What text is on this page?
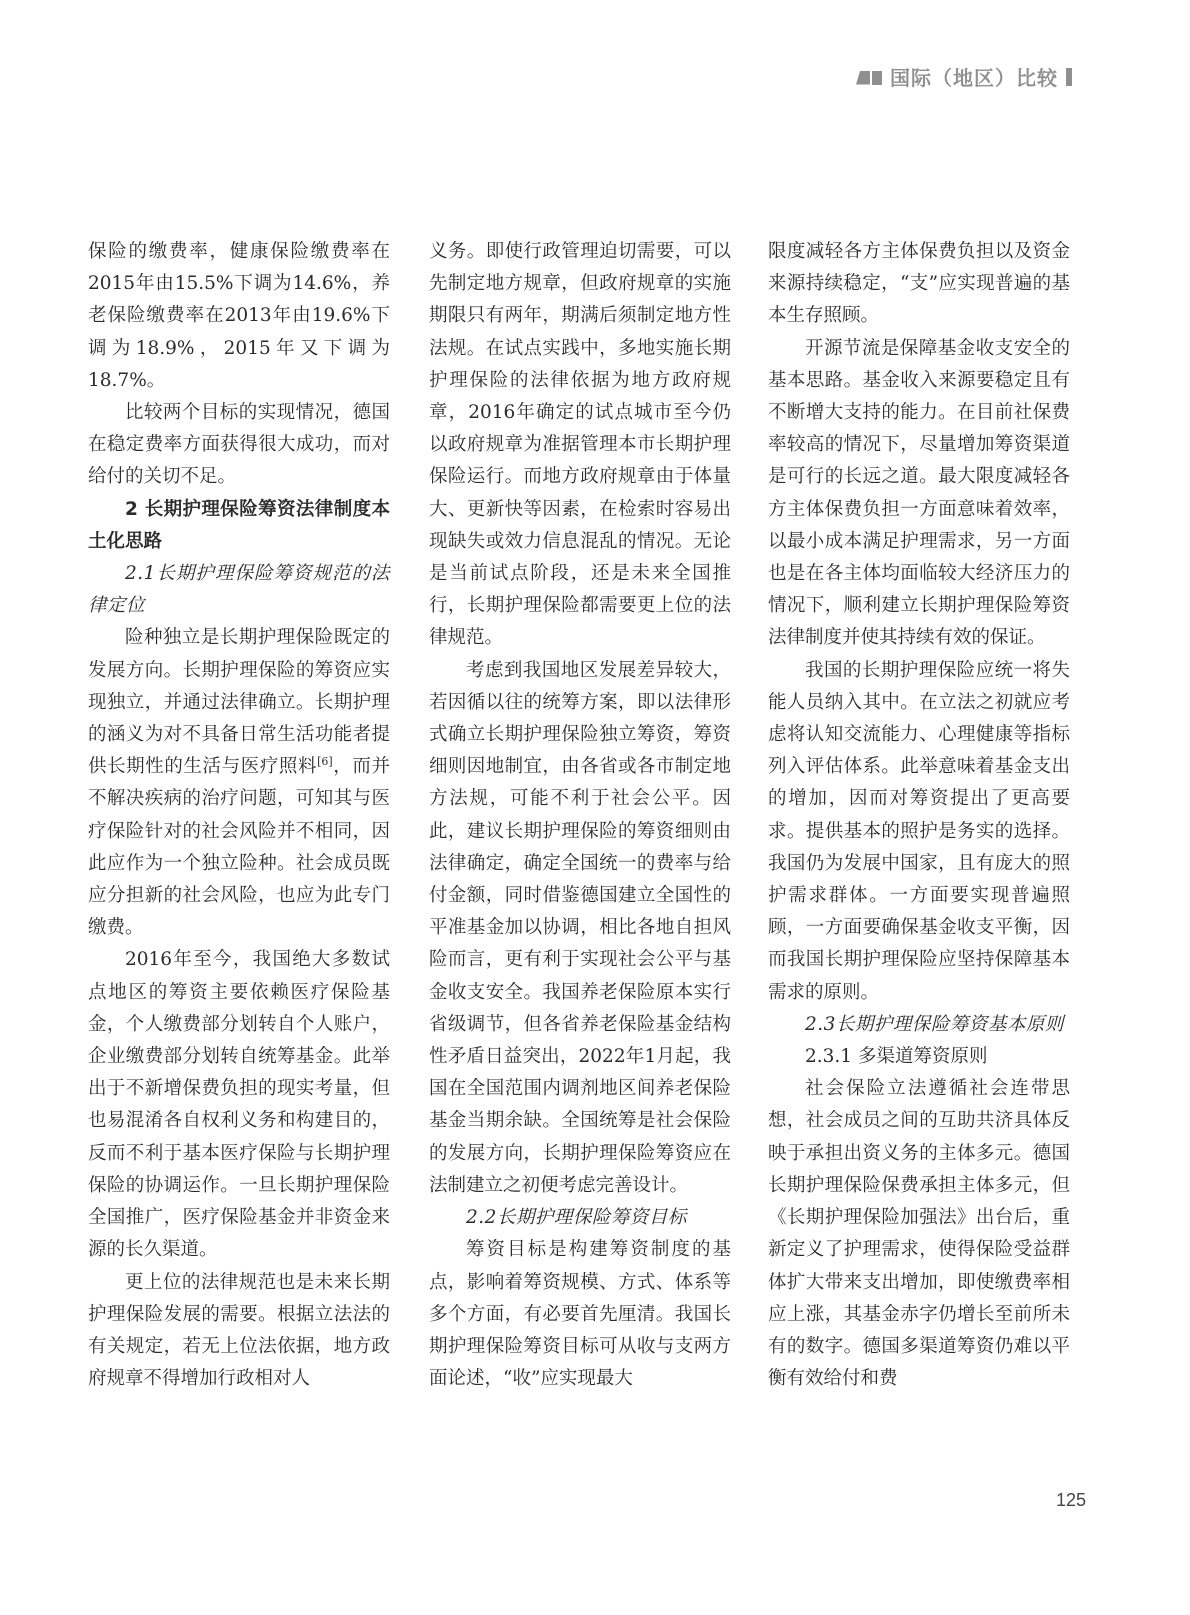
国际（地区）比较

保险的缴费率，健康保险缴费率在2015年由15.5%下调为14.6%，养老保险缴费率在2013年由19.6%下调为18.9%，2015年又下调为18.7%。

比较两个目标的实现情况，德国在稳定费率方面获得很大成功，而对给付的关切不足。

2 长期护理保险筹资法律制度本土化思路

2.1长期护理保险筹资规范的法律定位

险种独立是长期护理保险既定的发展方向。长期护理保险的筹资应实现独立，并通过法律确立。长期护理的涵义为对不具备日常生活功能者提供长期性的生活与医疗照料[6]，而并不解决疾病的治疗问题，可知其与医疗保险针对的社会风险并不相同，因此应作为一个独立险种。社会成员既应分担新的社会风险，也应为此专门缴费。

2016年至今，我国绝大多数试点地区的筹资主要依赖医疗保险基金，个人缴费部分划转自个人账户，企业缴费部分划转自统筹基金。此举出于不新增保费负担的现实考量，但也易混淆各自权利义务和构建目的，反而不利于基本医疗保险与长期护理保险的协调运作。一旦长期护理保险全国推广，医疗保险基金并非资金来源的长久渠道。

更上位的法律规范也是未来长期护理保险发展的需要。根据立法法的有关规定，若无上位法依据，地方政府规章不得增加行政相对人

义务。即使行政管理迫切需要，可以先制定地方规章，但政府规章的实施期限只有两年，期满后须制定地方性法规。在试点实践中，多地实施长期护理保险的法律依据为地方政府规章，2016年确定的试点城市至今仍以政府规章为准据管理本市长期护理保险运行。而地方政府规章由于体量大、更新快等因素，在检索时容易出现缺失或效力信息混乱的情况。无论是当前试点阶段，还是未来全国推行，长期护理保险都需要更上位的法律规范。

考虑到我国地区发展差异较大，若因循以往的统筹方案，即以法律形式确立长期护理保险独立筹资，筹资细则因地制宜，由各省或各市制定地方法规，可能不利于社会公平。因此，建议长期护理保险的筹资细则由法律确定，确定全国统一的费率与给付金额，同时借鉴德国建立全国性的平准基金加以协调，相比各地自担风险而言，更有利于实现社会公平与基金收支安全。我国养老保险原本实行省级调节，但各省养老保险基金结构性矛盾日益突出，2022年1月起，我国在全国范围内调剂地区间养老保险基金当期余缺。全国统筹是社会保险的发展方向，长期护理保险筹资应在法制建立之初便考虑完善设计。

2.2长期护理保险筹资目标

筹资目标是构建筹资制度的基点，影响着筹资规模、方式、体系等多个方面，有必要首先厘清。我国长期护理保险筹资目标可从收与支两方面论述，“收”应实现最大

限度减轻各方主体保费负担以及资金来源持续稳定，“支”应实现普遍的基本生存照顾。

开源节流是保障基金收支安全的基本思路。基金收入来源要稳定且有不断增大支持的能力。在目前社保费率较高的情况下，尽量增加筹资渠道是可行的长远之道。最大限度减轻各方主体保费负担一方面意味着效率，以最小成本满足护理需求，另一方面也是在各主体均面临较大经济压力的情况下，顺利建立长期护理保险筹资法律制度并使其持续有效的保证。

我国的长期护理保险应统一将失能人员纳入其中。在立法之初就应考虑将认知交流能力、心理健康等指标列入评估体系。此举意味着基金支出的增加，因而对筹资提出了更高要求。提供基本的照护是务实的选择。我国仍为发展中国家，且有庞大的照护需求群体。一方面要实现普遍照顾，一方面要确保基金收支平衡，因而我国长期护理保险应坚持保障基本需求的原则。

2.3长期护理保险筹资基本原则

2.3.1 多渠道筹资原则

社会保险立法遵循社会连带思想，社会成员之间的互助共济具体反映于承担出资义务的主体多元。德国长期护理保险保费承担主体多元，但《长期护理保险加强法》出台后，重新定义了护理需求，使得保险受益群体扩大带来支出增加，即使缴费率相应上涨，其基金赤字仍增长至前所未有的数字。德国多渠道筹资仍难以平衡有效给付和费

125
